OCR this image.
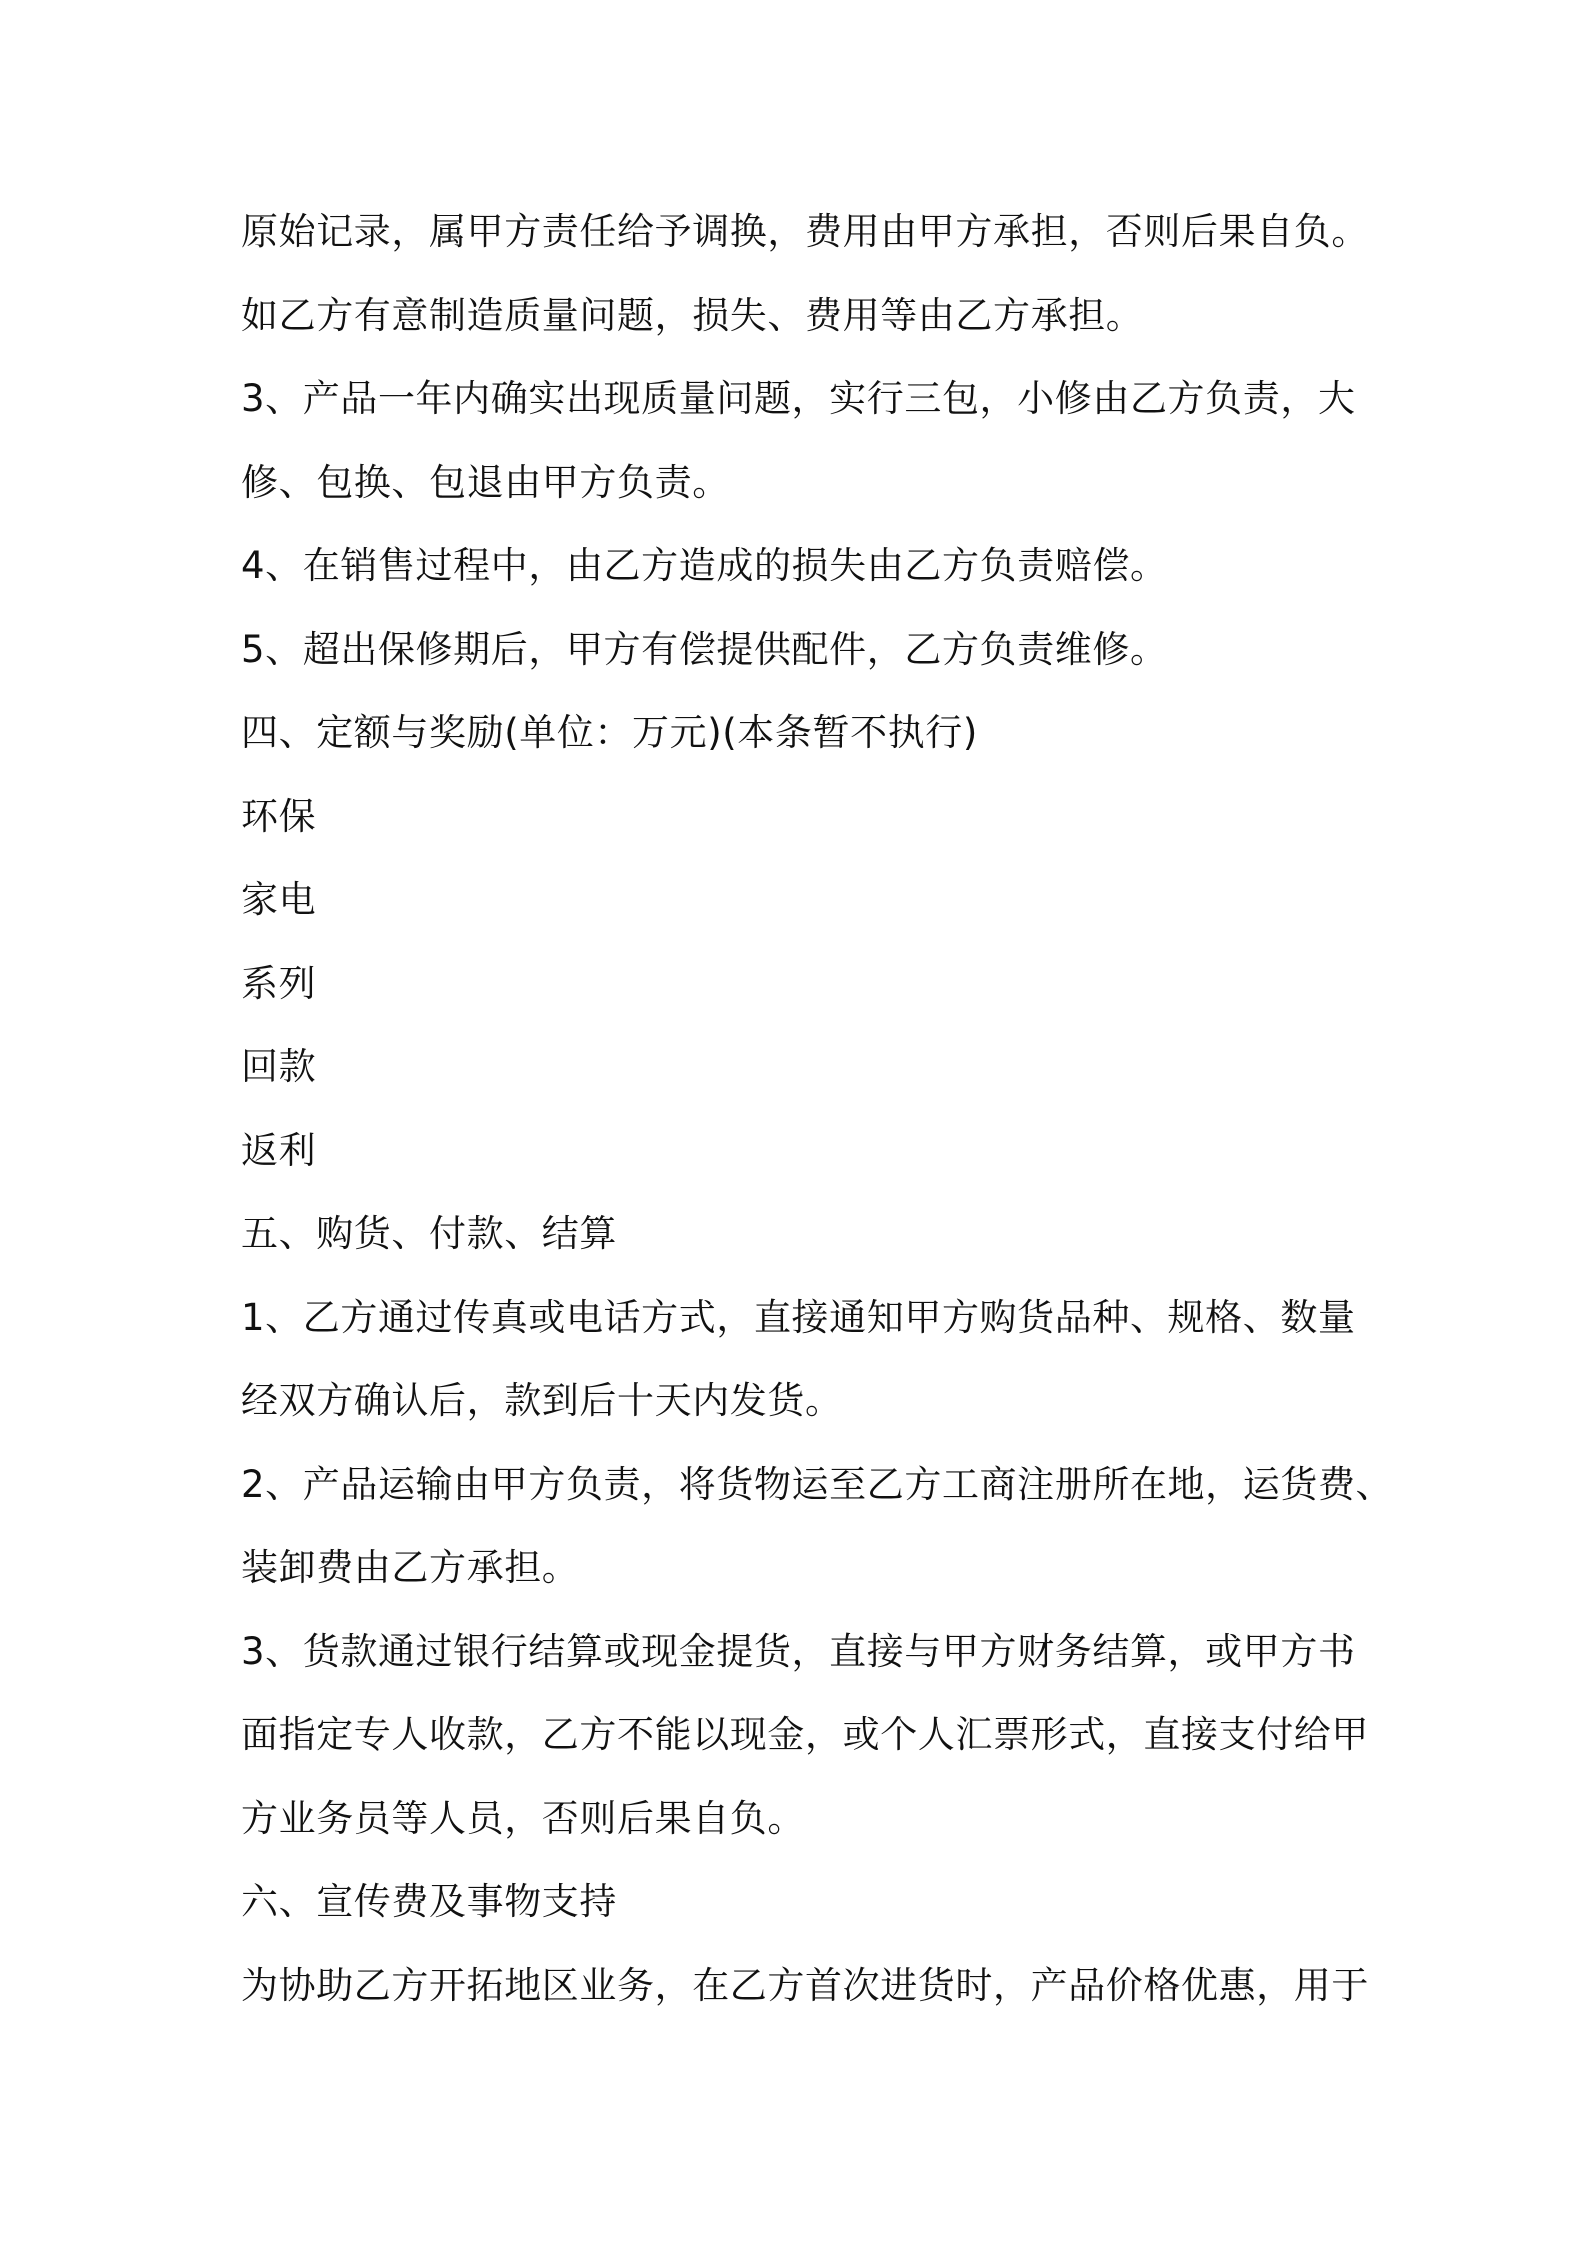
原始记录，属甲方责任给予调换，费用由甲方承担，否则后果自负。
如乙方有意制造质量问题，损失、费用等由乙方承担。
3、产品一年内确实出现质量问题，实行三包，小修由乙方负责，大
修、包换、包退由甲方负责。
4、在销售过程中，由乙方造成的损失由乙方负责赔偿。
5、超出保修期后，甲方有偿提供配件，乙方负责维修。
四、定额与奖励(单位：万元)(本条暂不执行)
环保
家电
系列
回款
返利
五、购货、付款、结算
1、乙方通过传真或电话方式，直接通知甲方购货品种、规格、数量
经双方确认后，款到后十天内发货。
2、产品运输由甲方负责，将货物运至乙方工商注册所在地，运货费、
装卸费由乙方承担。
3、货款通过银行结算或现金提货，直接与甲方财务结算，或甲方书
面指定专人收款，乙方不能以现金，或个人汇票形式，直接支付给甲
方业务员等人员，否则后果自负。
六、宣传费及事物支持
为协助乙方开拓地区业务，在乙方首次进货时，产品价格优惠，用于
